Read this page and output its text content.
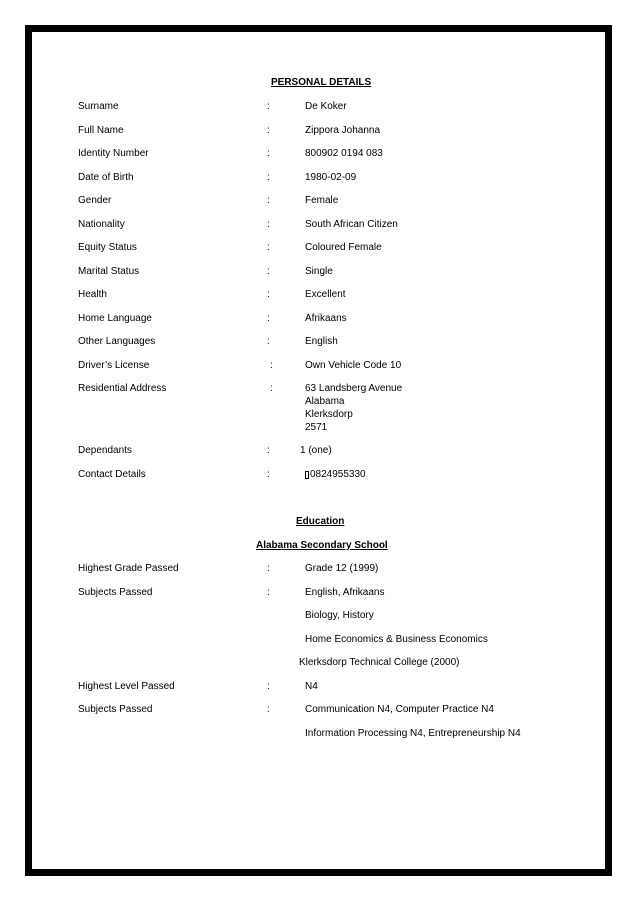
PERSONAL DETAILS
Surname	:	De Koker
Full Name	:	Zippora Johanna
Identity Number	:	800902 0194 083
Date of Birth	:	1980-02-09
Gender	:	Female
Nationality	:	South African Citizen
Equity Status	:	Coloured Female
Marital Status	:	Single
Health	:	Excellent
Home Language	:	Afrikaans
Other Languages	:	English
Driver’s License	:	Own Vehicle Code 10
Residential Address	:	63 Landsberg Avenue
Alabama
Klerksdorp
2571
Dependants	:	1 (one)
Contact Details	:	0824955330
Education
Alabama Secondary School
Highest Grade Passed	:	Grade 12 (1999)
Subjects Passed	:	English, Afrikaans
Biology, History
Home Economics & Business Economics
Klerksdorp Technical College (2000)
Highest Level Passed	:	N4
Subjects Passed	:	Communication N4, Computer Practice N4
Information Processing N4, Entrepreneurship N4
